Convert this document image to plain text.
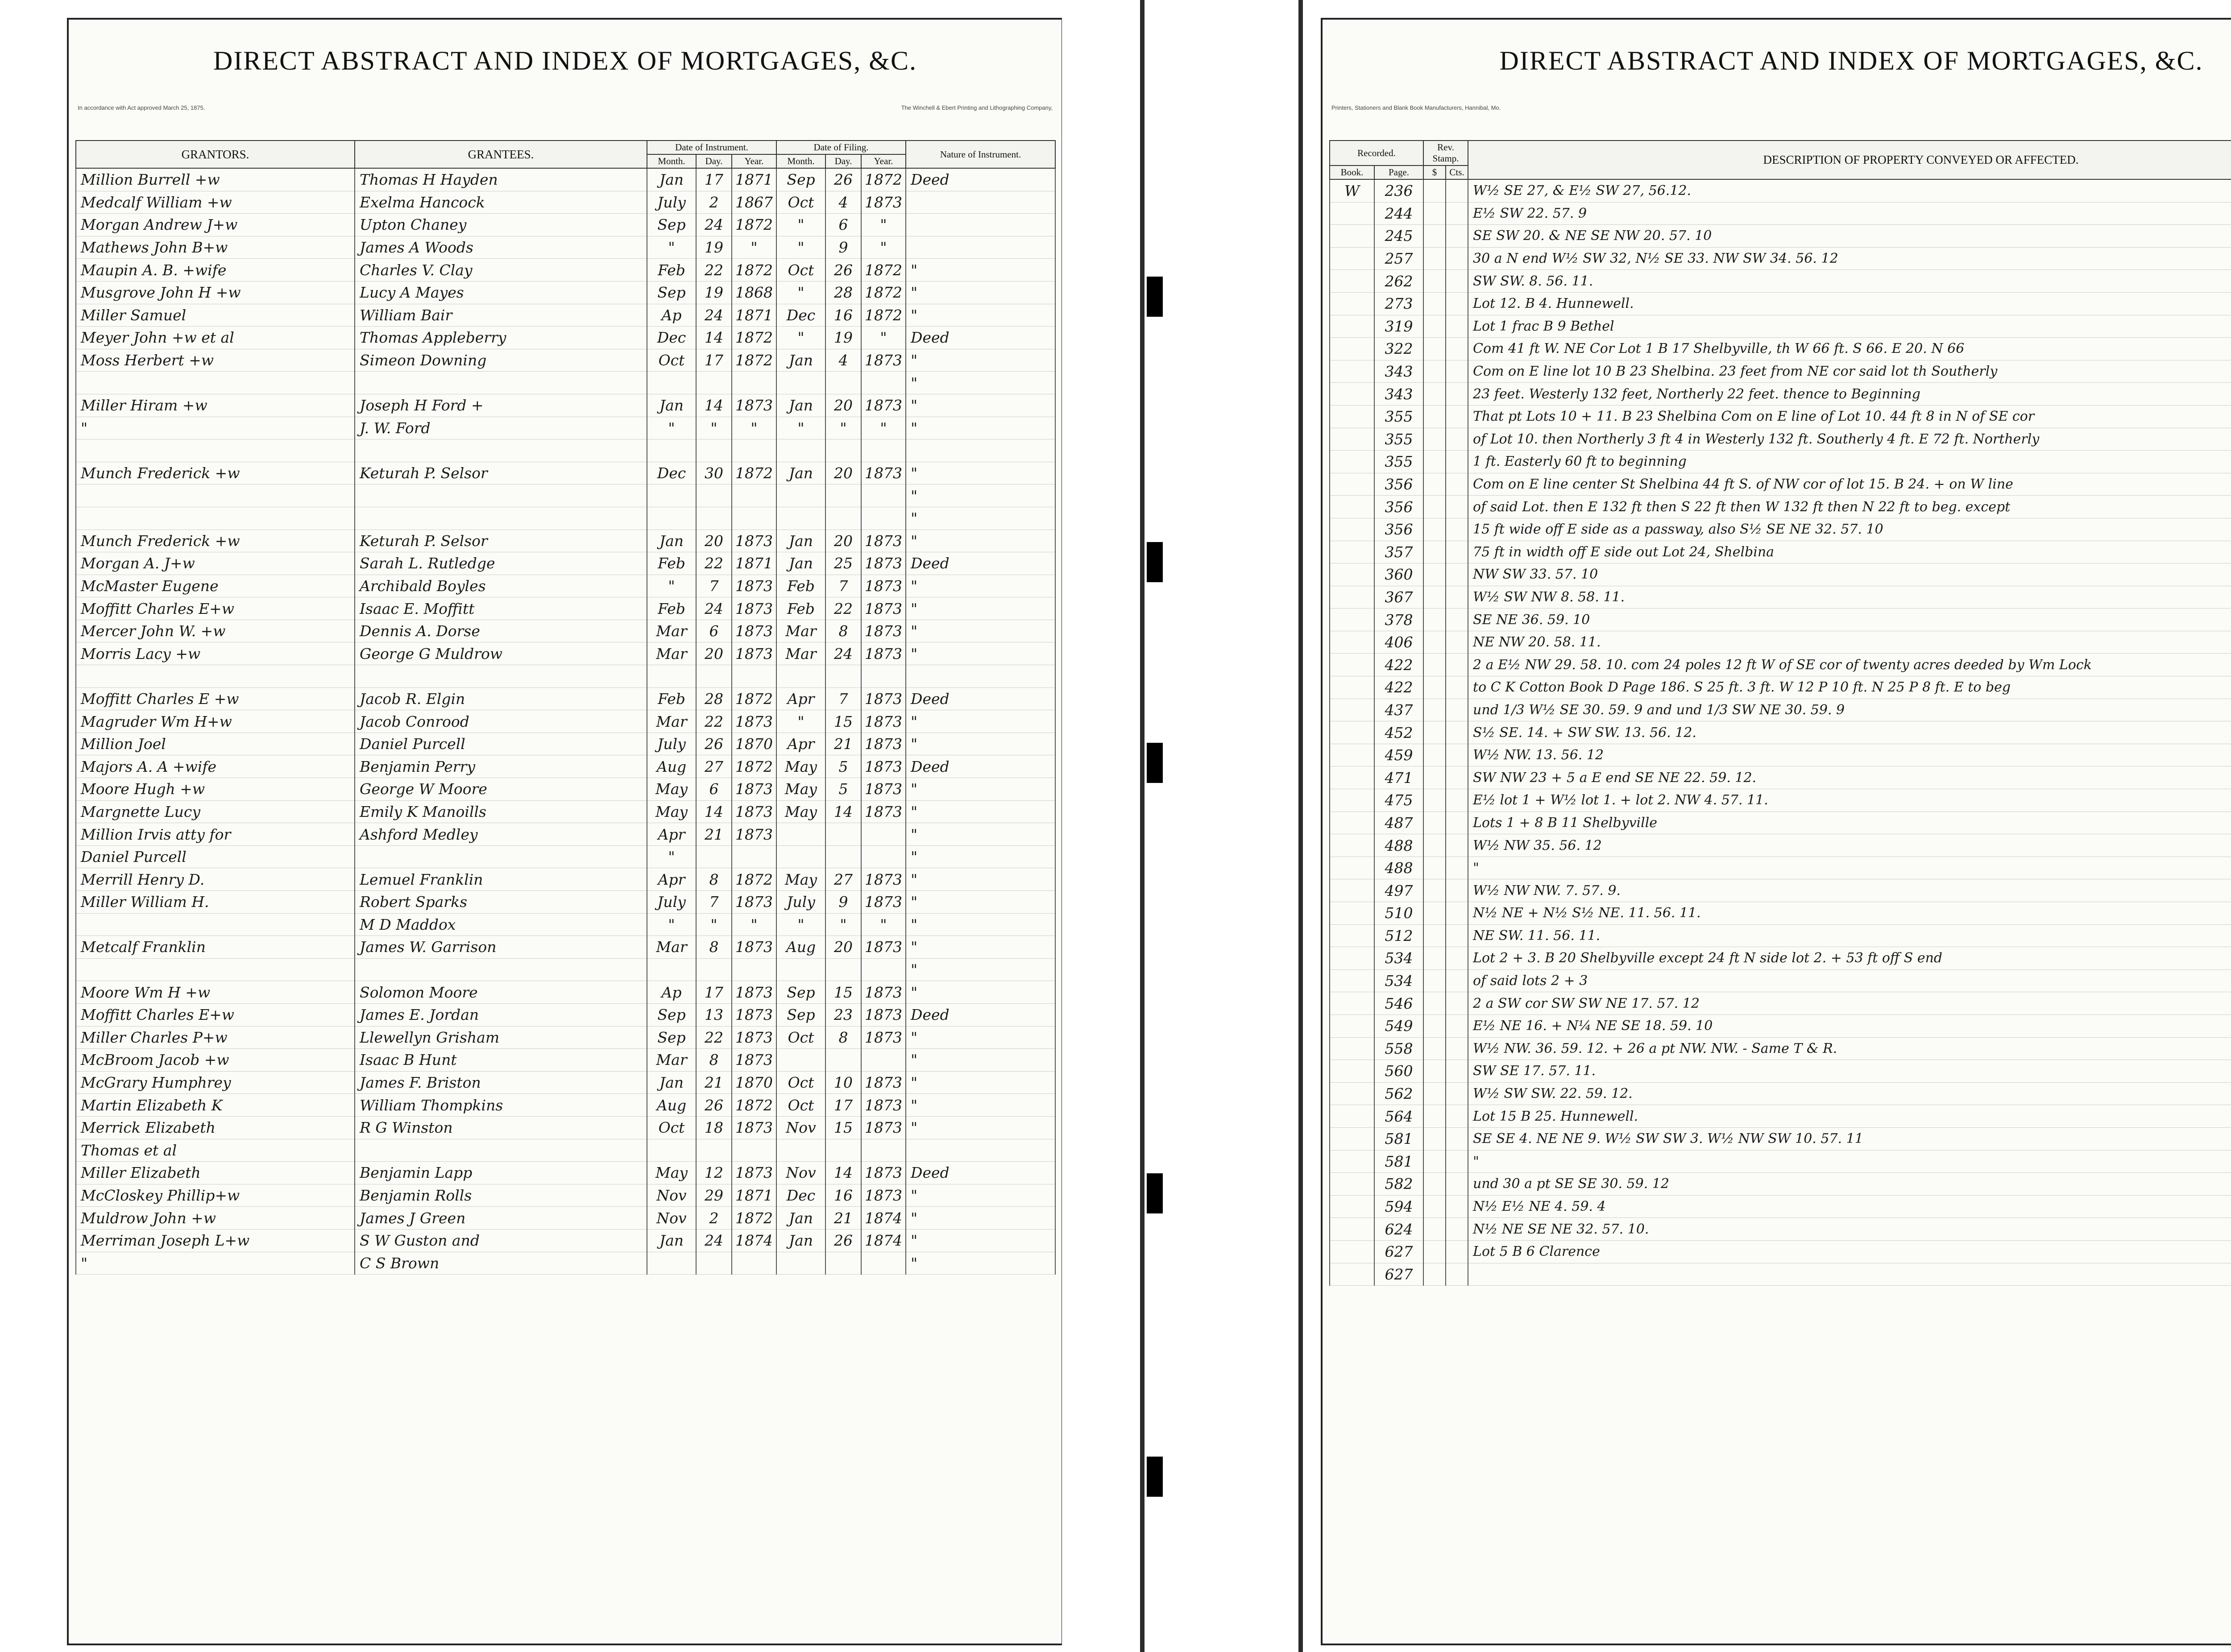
DIRECT ABSTRACT AND INDEX OF MORTGAGES, &C.
In accordance with Act approved March 25, 1875.	The Winchell & Ebert Printing and Lithographing Company,
GRANTORS.	GRANTEES.	Date of Instrument.			Date of Filing.			Nature of Instrument.
		Month.	Day.	Year.	Month.	Day.	Year.	
Million Burrell +w	Thomas H Hayden	Jan	17	1871	Sep	26	1872	Deed
Medcalf William +w	Exelma Hancock	July	2	1867	Oct	4	1873	
Morgan Andrew J+w	Upton Chaney	Sep	24	1872	"	6	"	
Mathews John B+w	James A Woods	"	19	"	"	9	"	
Maupin A. B. +wife	Charles V. Clay	Feb	22	1872	Oct	26	1872	"
Musgrove John H +w	Lucy A Mayes	Sep	19	1868	"	28	1872	"
Miller Samuel	William Bair	Ap	24	1871	Dec	16	1872	"
Meyer John +w et al	Thomas Appleberry	Dec	14	1872	"	19	"	Deed
Moss Herbert +w	Simeon Downing	Oct	17	1872	Jan	4	1873	"
								"
Miller Hiram +w	Joseph H Ford +	Jan	14	1873	Jan	20	1873	"
"	J. W. Ford	"	"	"	"	"	"	"

Munch Frederick +w	Keturah P. Selsor	Dec	30	1872	Jan	20	1873	"
								"
								"
Munch Frederick +w	Keturah P. Selsor	Jan	20	1873	Jan	20	1873	"
Morgan A. J+w	Sarah L. Rutledge	Feb	22	1871	Jan	25	1873	Deed
McMaster Eugene	Archibald Boyles	"	7	1873	Feb	7	1873	"
Moffitt Charles E+w	Isaac E. Moffitt	Feb	24	1873	Feb	22	1873	"
Mercer John W. +w	Dennis A. Dorse	Mar	6	1873	Mar	8	1873	"
Morris Lacy +w	George G Muldrow	Mar	20	1873	Mar	24	1873	"

Moffitt Charles E +w	Jacob R. Elgin	Feb	28	1872	Apr	7	1873	Deed
Magruder Wm H+w	Jacob Conrood	Mar	22	1873	"	15	1873	"
Million Joel	Daniel Purcell	July	26	1870	Apr	21	1873	"
Majors A. A +wife	Benjamin Perry	Aug	27	1872	May	5	1873	Deed
Moore Hugh +w	George W Moore	May	6	1873	May	5	1873	"
Margnette Lucy	Emily K Manoills	May	14	1873	May	14	1873	"
Million Irvis atty for	Ashford Medley	Apr	21	1873				"
Daniel Purcell		"						"
Merrill Henry D.	Lemuel Franklin	Apr	8	1872	May	27	1873	"
Miller William H.	Robert Sparks	July	7	1873	July	9	1873	"
	M D Maddox	"	"	"	"	"	"	"
Metcalf Franklin	James W. Garrison	Mar	8	1873	Aug	20	1873	"
								"
Moore Wm H +w	Solomon Moore	Ap	17	1873	Sep	15	1873	"
Moffitt Charles E+w	James E. Jordan	Sep	13	1873	Sep	23	1873	Deed
Miller Charles P+w	Llewellyn Grisham	Sep	22	1873	Oct	8	1873	"
McBroom Jacob +w	Isaac B Hunt	Mar	8	1873				"
McGrary Humphrey	James F. Briston	Jan	21	1870	Oct	10	1873	"
Martin Elizabeth K	William Thompkins	Aug	26	1872	Oct	17	1873	"
Merrick Elizabeth	R G Winston	Oct	18	1873	Nov	15	1873	"
Thomas et al								
Miller Elizabeth	Benjamin Lapp	May	12	1873	Nov	14	1873	Deed
McCloskey Phillip+w	Benjamin Rolls	Nov	29	1871	Dec	16	1873	"
Muldrow John +w	James J Green	Nov	2	1872	Jan	21	1874	"
Merriman Joseph L+w	S W Guston and	Jan	24	1874	Jan	26	1874	"
"	C S Brown							"
DIRECT ABSTRACT AND INDEX OF MORTGAGES, &C.
Printers, Stationers and Blank Book Manufacturers, Hannibal, Mo.
Recorded.		Rev. Stamp.		DESCRIPTION OF PROPERTY CONVEYED OR AFFECTED.
Book.	Page.	$	Cts.	
W	236			W½ SE 27, & E½ SW 27, 56.12.
	244			E½ SW 22. 57. 9
	245			SE SW 20. & NE SE NW 20. 57. 10
	257			30 a N end W½ SW 32, N½ SE 33. NW SW 34. 56. 12
	262			SW SW. 8. 56. 11.
	273			Lot 12. B 4. Hunnewell.
	319			Lot 1 frac B 9 Bethel
	322			Com 41 ft W. NE Cor Lot 1 B 17 Shelbyville, th W 66 ft. S 66. E 20. N 66
	343			Com on E line lot 10 B 23 Shelbina. 23 feet from NE cor said lot th Southerly
	343			23 feet. Westerly 132 feet, Northerly 22 feet. thence to Beginning
	355			That pt Lots 10 + 11. B 23 Shelbina Com on E line of Lot 10. 44 ft 8 in N of SE cor
	355			of Lot 10. then Northerly 3 ft 4 in Westerly 132 ft. Southerly 4 ft. E 72 ft. Northerly
	355			1 ft. Easterly 60 ft to beginning
	356			Com on E line center St Shelbina 44 ft S. of NW cor of lot 15. B 24. + on W line
	356			of said Lot. then E 132 ft then S 22 ft then W 132 ft then N 22 ft to beg. except
	356			15 ft wide off E side as a passway, also S½ SE NE 32. 57. 10
	357			75 ft in width off E side out Lot 24, Shelbina
	360			NW SW 33. 57. 10
	367			W½ SW NW 8. 58. 11.
	378			SE NE 36. 59. 10
	406			NE NW 20. 58. 11.
	422			2 a E½ NW 29. 58. 10. com 24 poles 12 ft W of SE cor of twenty acres deeded by Wm Lock
	422			to C K Cotton Book D Page 186. S 25 ft. 3 ft. W 12 P 10 ft. N 25 P 8 ft. E to beg
	437			und 1/3 W½ SE 30. 59. 9 and und 1/3 SW NE 30. 59. 9
	452			S½ SE. 14. + SW SW. 13. 56. 12.
	459			W½ NW. 13. 56. 12
	471			SW NW 23 + 5 a E end SE NE 22. 59. 12.
	475			E½ lot 1 + W½ lot 1. + lot 2. NW 4. 57. 11.
	487			Lots 1 + 8 B 11 Shelbyville
	488			W½ NW 35. 56. 12
	488			"
	497			W½ NW NW. 7. 57. 9.
	510			N½ NE + N½ S½ NE. 11. 56. 11.
	512			NE SW. 11. 56. 11.
	534			Lot 2 + 3. B 20 Shelbyville except 24 ft N side lot 2. + 53 ft off S end
	534			of said lots 2 + 3
	546			2 a SW cor SW SW NE 17. 57. 12
	549			E½ NE 16. + N¼ NE SE 18. 59. 10
	558			W½ NW. 36. 59. 12. + 26 a pt NW. NW. - Same T & R.
	560			SW SE 17. 57. 11.
	562			W½ SW SW. 22. 59. 12.
	564			Lot 15 B 25. Hunnewell.
	581			SE SE 4. NE NE 9. W½ SW SW 3. W½ NW SW 10. 57. 11
	581			"
	582			und 30 a pt SE SE 30. 59. 12
	594			N½ E½ NE 4. 59. 4
	624			N½ NE SE NE 32. 57. 10.
	627			Lot 5 B 6 Clarence
	627			
